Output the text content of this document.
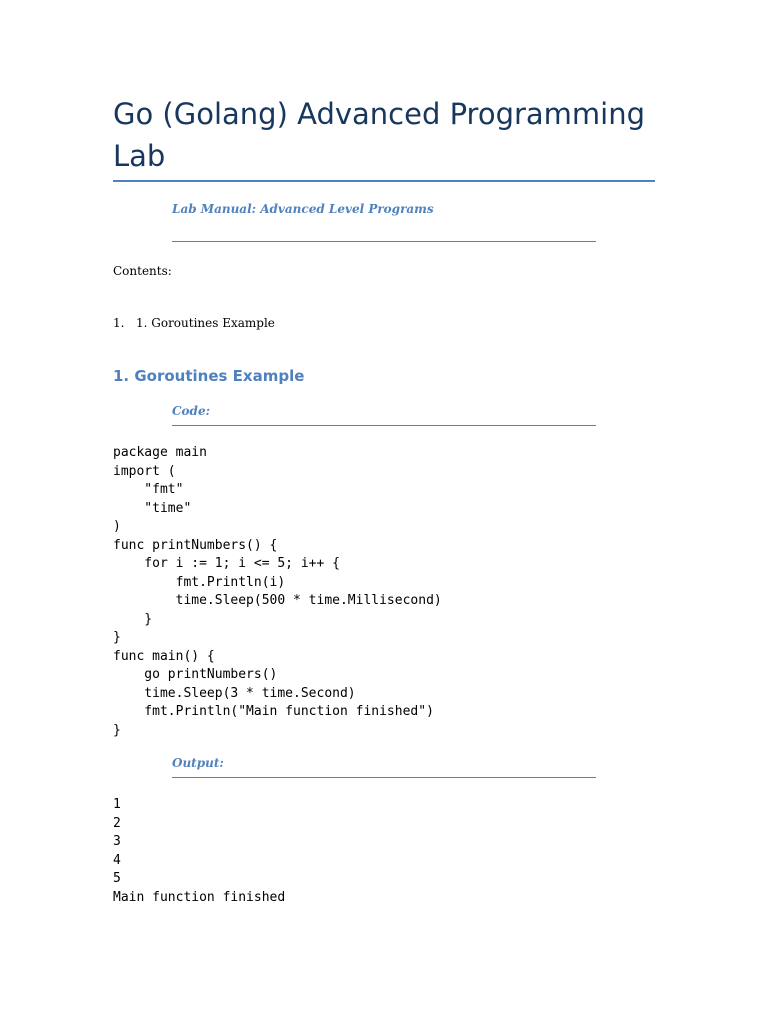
Go (Golang) Advanced Programming Lab

Lab Manual: Advanced Level Programs

Contents:

1. 1. Goroutines Example
1. Goroutines Example

Code:

package main
import (
"fmt"
"time"
)
func printNumbers() {
for i := 1; i <= 5; i++ {
fmt.Println(i)
time.Sleep(500 * time.Millisecond)
}
}
func main() {
go printNumbers()
time.Sleep(3 * time.Second)
fmt.Println("Main function finished")
}

Output:

1
2
3
4
5
Main function finished
